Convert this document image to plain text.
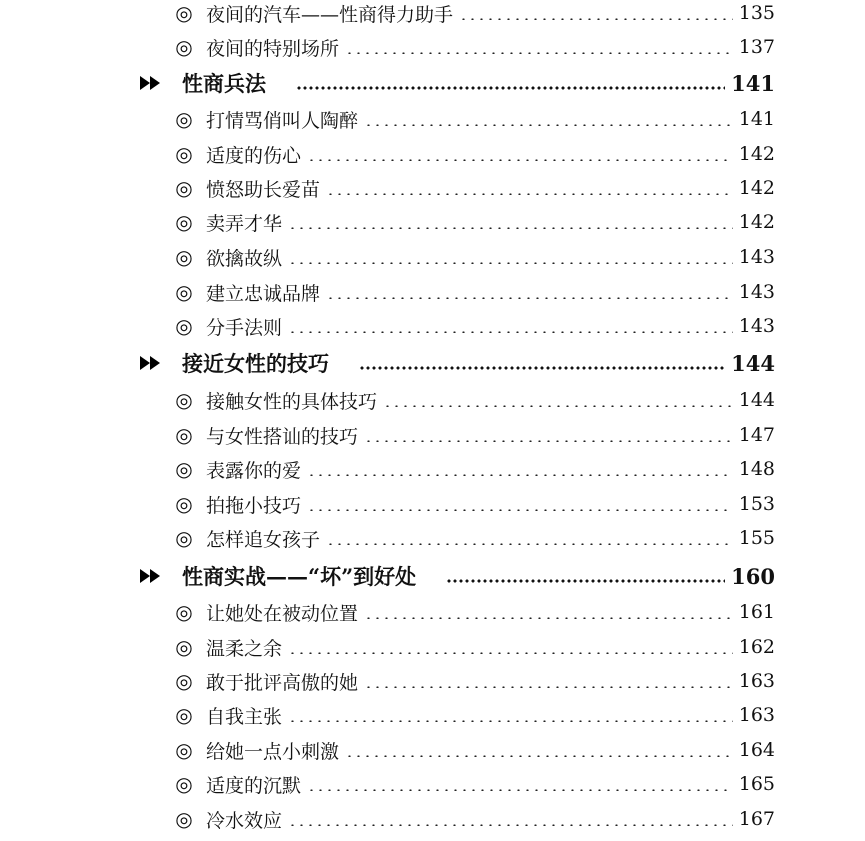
◎ 夜间的汽车——性商得力助手	135
◎ 夜间的特别场所	137
性商兵法	141
◎ 打情骂俏叫人陶醉	141
◎ 适度的伤心	142
◎ 愤怒助长爱苗	142
◎ 卖弄才华	142
◎ 欲擒故纵	143
◎ 建立忠诚品牌	143
◎ 分手法则	143
接近女性的技巧	144
◎ 接触女性的具体技巧	144
◎ 与女性搭讪的技巧	147
◎ 表露你的爱	148
◎ 拍拖小技巧	153
◎ 怎样追女孩子	155
性商实战——“坏”到好处	160
◎ 让她处在被动位置	161
◎ 温柔之余	162
◎ 敢于批评高傲的她	163
◎ 自我主张	163
◎ 给她一点小刺激	164
◎ 适度的沉默	165
◎ 冷水效应	167
